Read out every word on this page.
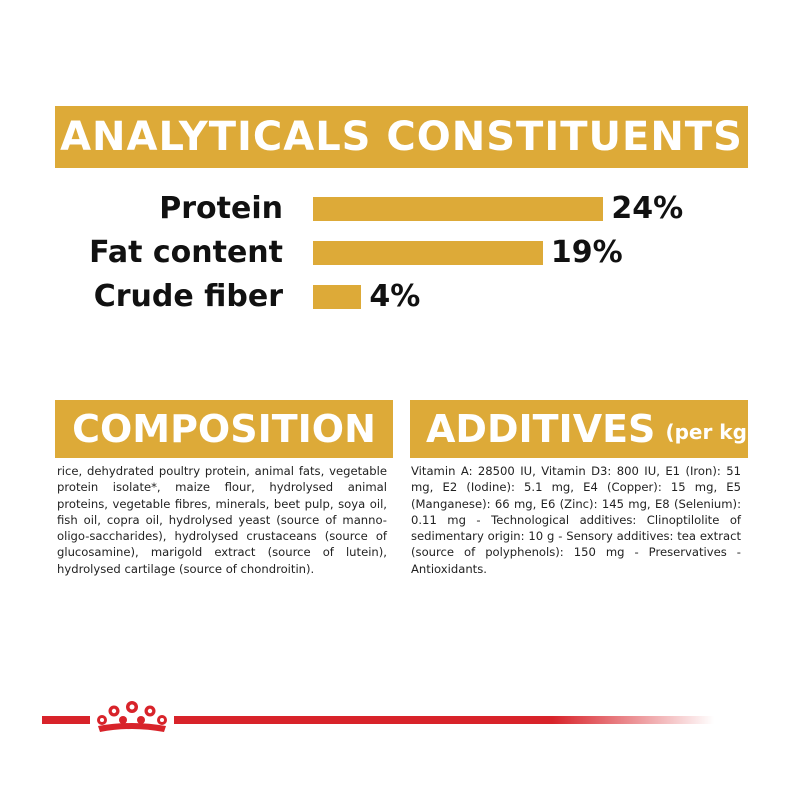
ANALYTICALS CONSTITUENTS
Protein	24%
Fat content	19%
Crude fiber	4%
COMPOSITION ADDITIVES (per kg)
rice, dehydrated poultry protein, animal fats, vegetable protein isolate*, maize flour, hydrolysed animal proteins, vegetable fibres, minerals, beet pulp, soya oil, fish oil, copra oil, hydrolysed yeast (source of manno-oligo-saccharides), hydrolysed crustaceans (source of glucosamine), marigold extract (source of lutein), hydrolysed cartilage (source of chondroitin).
Vitamin A: 28500 IU, Vitamin D3: 800 IU, E1 (Iron): 51 mg, E2 (Iodine): 5.1 mg, E4 (Copper): 15 mg, E5 (Manganese): 66 mg, E6 (Zinc): 145 mg, E8 (Selenium): 0.11 mg - Technological additives: Clinoptilolite of sedimentary origin: 10 g - Sensory additives: tea extract (source of polyphenols): 150 mg - Preservatives - Antioxidants.
